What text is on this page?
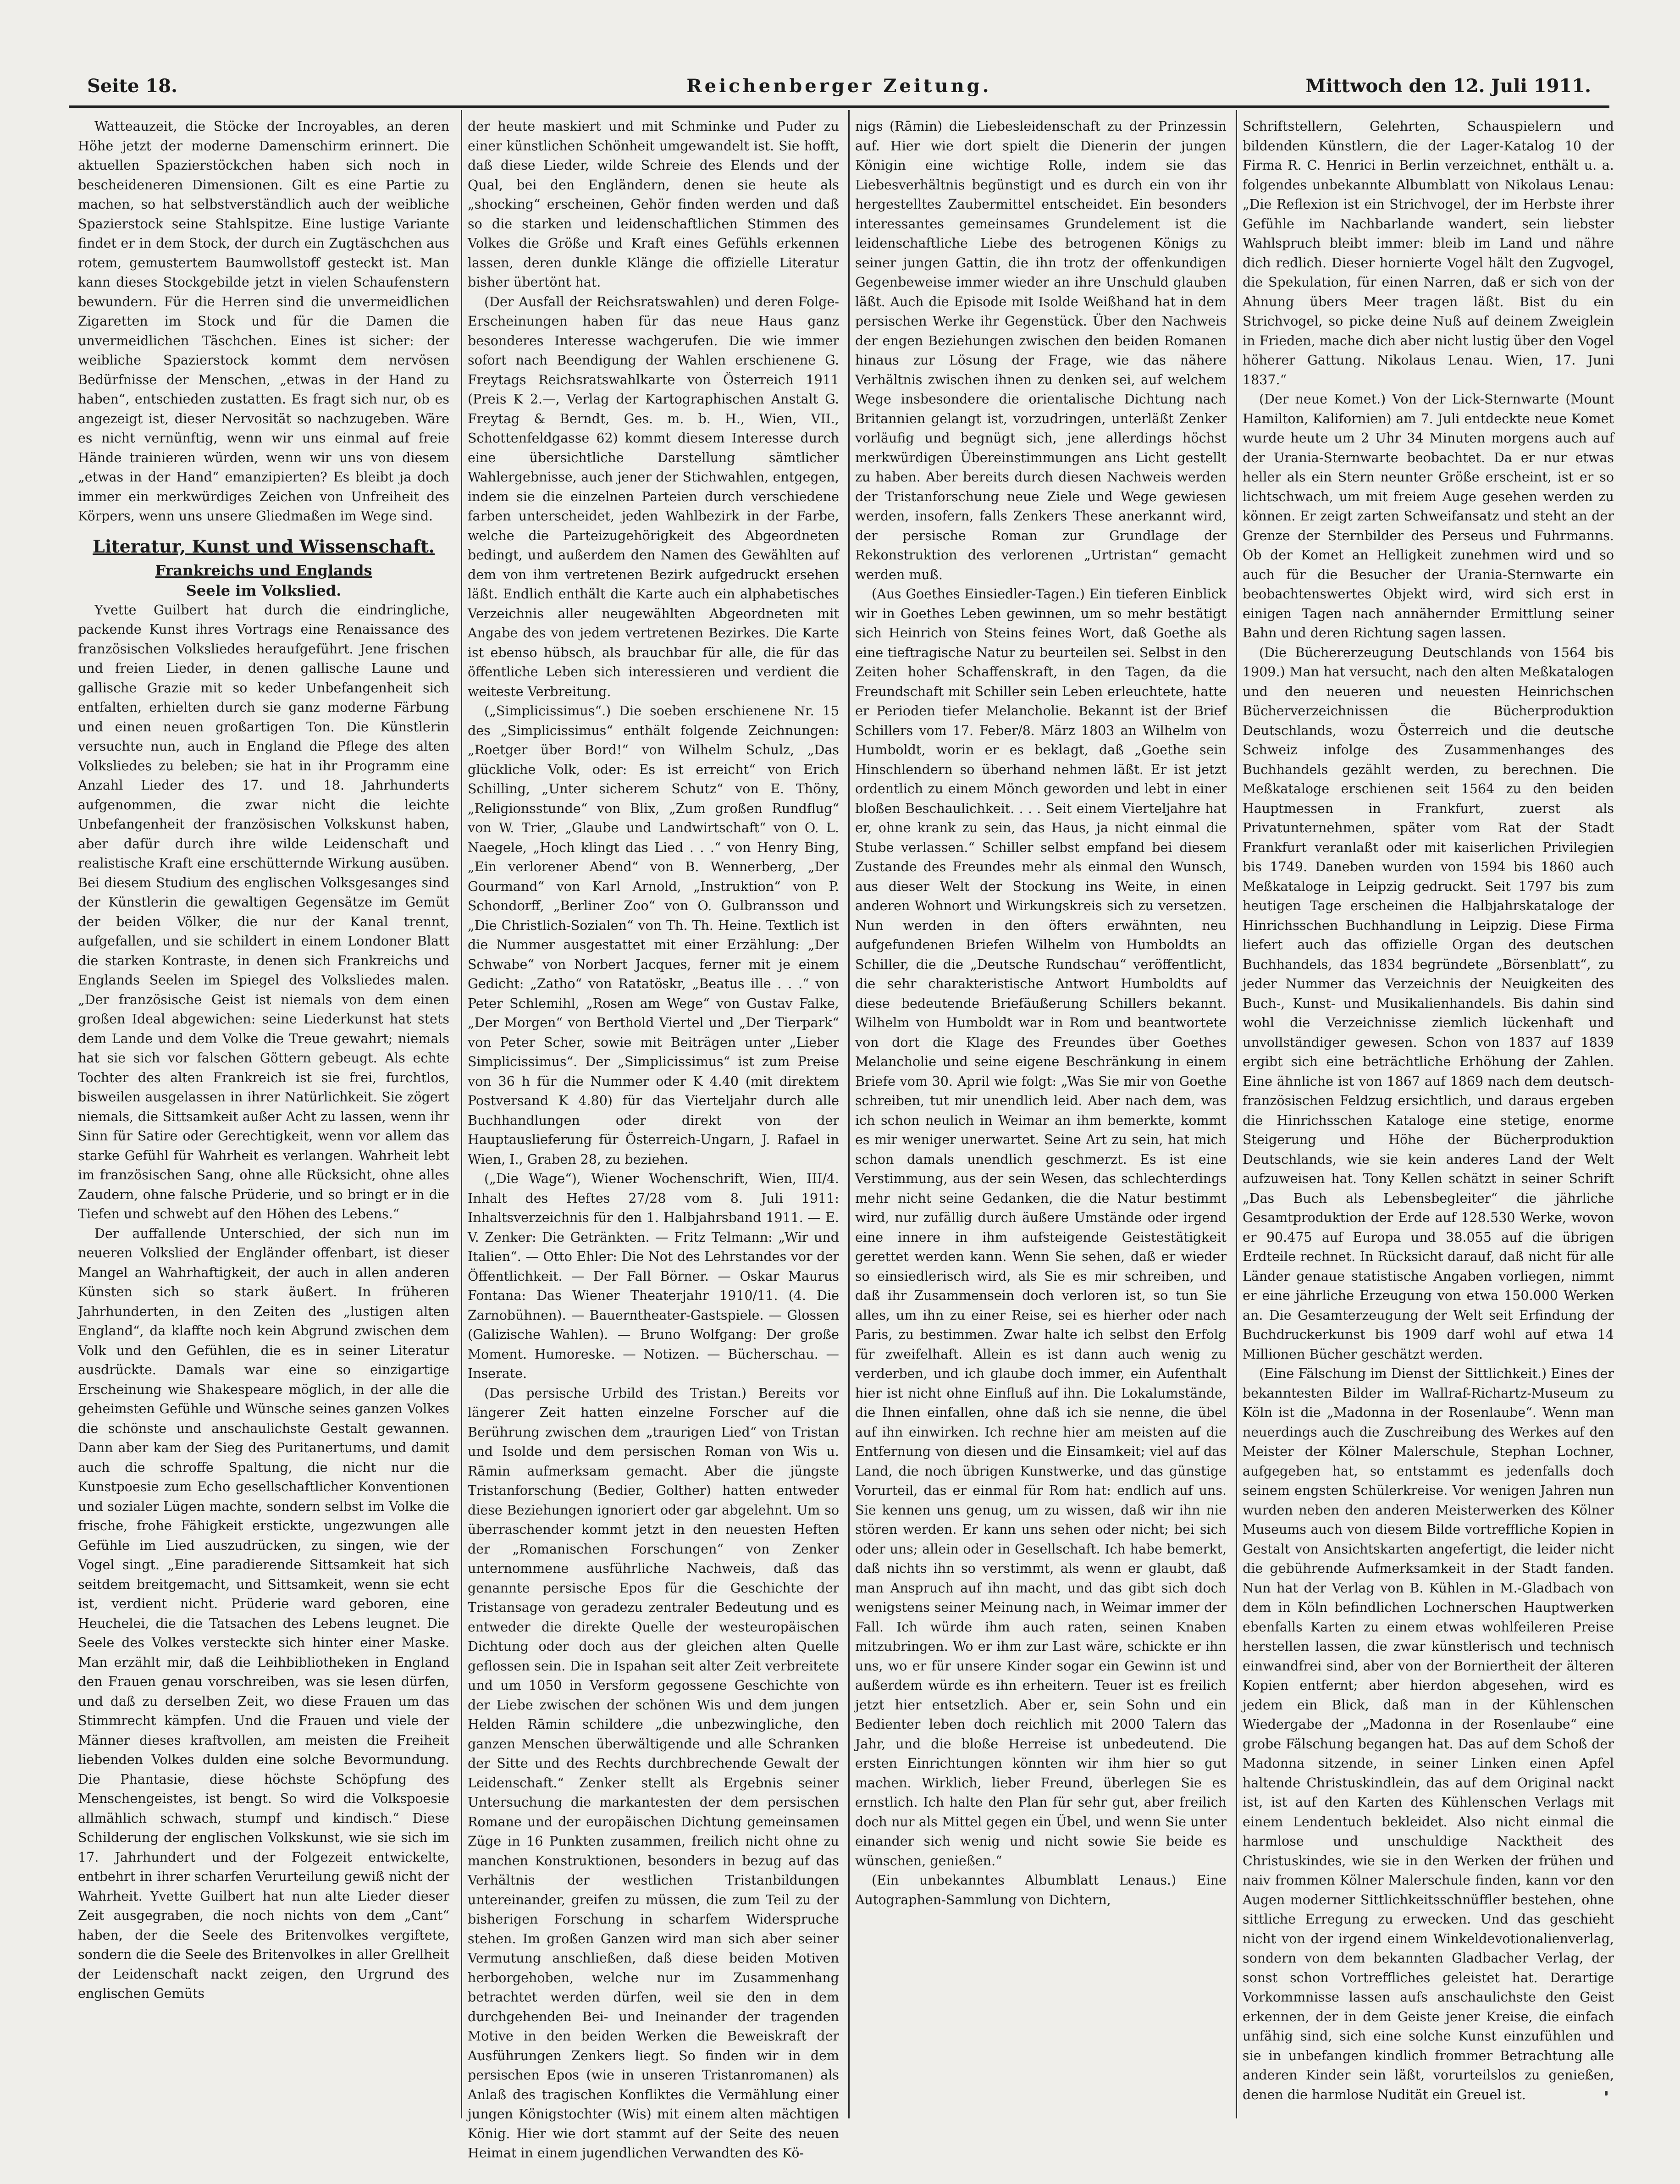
Seite 18.	Reichenberger Zeitung.	Mittwoch den 12. Juli 1911.

Watteauzeit, die Stöcke der Incroyables, an deren Höhe jetzt der moderne Damenschirm erinnert. Die aktuellen Spazierstöckchen haben sich noch in bescheideneren Dimensionen. Gilt es eine Partie zu machen, so hat selbstverständlich auch der weibliche Spazierstock seine Stahlspitze. Eine lustige Variante findet er in dem Stock, der durch ein Zugtäschchen aus rotem, gemustertem Baumwollstoff gesteckt ist. Man kann dieses Stockgebilde jetzt in vielen Schaufenstern bewundern. Für die Herren sind die unvermeidlichen Zigaretten im Stock und für die Damen die unvermeidlichen Täschchen. Eines ist sicher: der weibliche Spazierstock kommt dem nervösen Bedürfnisse der Menschen, „etwas in der Hand zu haben“, entschieden zustatten. Es fragt sich nur, ob es angezeigt ist, dieser Nervosität so nachzugeben. Wäre es nicht vernünftig, wenn wir uns einmal auf freie Hände trainieren würden, wenn wir uns von diesem „etwas in der Hand“ emanzipierten? Es bleibt ja doch immer ein merkwürdiges Zeichen von Unfreiheit des Körpers, wenn uns unsere Gliedmaßen im Wege sind.

Literatur, Kunst und Wissenschaft.
Frankreichs und Englands
Seele im Volkslied.

Yvette Guilbert hat durch die eindringliche, packende Kunst ihres Vortrags eine Renaissance des französischen Volksliedes heraufgeführt. Jene frischen und freien Lieder, in denen gallische Laune und gallische Grazie mit so keder Unbefangenheit sich entfalten, erhielten durch sie ganz moderne Färbung und einen neuen großartigen Ton. Die Künstlerin versuchte nun, auch in England die Pflege des alten Volksliedes zu beleben; sie hat in ihr Programm eine Anzahl Lieder des 17. und 18. Jahrhunderts aufgenommen, die zwar nicht die leichte Unbefangenheit der französischen Volkskunst haben, aber dafür durch ihre wilde Leidenschaft und realistische Kraft eine erschütternde Wirkung ausüben. Bei diesem Studium des englischen Volksgesanges sind der Künstlerin die gewaltigen Gegensätze im Gemüt der beiden Völker, die nur der Kanal trennt, aufgefallen, und sie schildert in einem Londoner Blatt die starken Kontraste, in denen sich Frankreichs und Englands Seelen im Spiegel des Volksliedes malen. „Der französische Geist ist niemals von dem einen großen Ideal abgewichen: seine Liederkunst hat stets dem Lande und dem Volke die Treue gewahrt; niemals hat sie sich vor falschen Göttern gebeugt. Als echte Tochter des alten Frankreich ist sie frei, furchtlos, bisweilen ausgelassen in ihrer Natürlichkeit. Sie zögert niemals, die Sittsamkeit außer Acht zu lassen, wenn ihr Sinn für Satire oder Gerechtigkeit, wenn vor allem das starke Gefühl für Wahrheit es verlangen. Wahrheit lebt im französischen Sang, ohne alle Rücksicht, ohne alles Zaudern, ohne falsche Prüderie, und so bringt er in die Tiefen und schwebt auf den Höhen des Lebens.“

Der auffallende Unterschied, der sich nun im neueren Volkslied der Engländer offenbart, ist dieser Mangel an Wahrhaftigkeit, der auch in allen anderen Künsten sich so stark äußert. In früheren Jahrhunderten, in den Zeiten des „lustigen alten England“, da klaffte noch kein Abgrund zwischen dem Volk und den Gefühlen, die es in seiner Literatur ausdrückte. Damals war eine so einzigartige Erscheinung wie Shakespeare möglich, in der alle die geheimsten Gefühle und Wünsche seines ganzen Volkes die schönste und anschaulichste Gestalt gewannen. Dann aber kam der Sieg des Puritanertums, und damit auch die schroffe Spaltung, die nicht nur die Kunstpoesie zum Echo gesellschaftlicher Konventionen und sozialer Lügen machte, sondern selbst im Volke die frische, frohe Fähigkeit erstickte, ungezwungen alle Gefühle im Lied auszudrücken, zu singen, wie der Vogel singt. „Eine paradierende Sittsamkeit hat sich seitdem breitgemacht, und Sittsamkeit, wenn sie echt ist, verdient nicht. Prüderie ward geboren, eine Heuchelei, die die Tatsachen des Lebens leugnet. Die Seele des Volkes versteckte sich hinter einer Maske. Man erzählt mir, daß die Leihbibliotheken in England den Frauen genau vorschreiben, was sie lesen dürfen, und daß zu derselben Zeit, wo diese Frauen um das Stimmrecht kämpfen. Und die Frauen und viele der Männer dieses kraftvollen, am meisten die Freiheit liebenden Volkes dulden eine solche Bevormundung. Die Phantasie, diese höchste Schöpfung des Menschengeistes, ist bengt. So wird die Volkspoesie allmählich schwach, stumpf und kindisch.“ Diese Schilderung der englischen Volkskunst, wie sie sich im 17. Jahrhundert und der Folgezeit entwickelte, entbehrt in ihrer scharfen Verurteilung gewiß nicht der Wahrheit. Yvette Guilbert hat nun alte Lieder dieser Zeit ausgegraben, die noch nichts von dem „Cant“ haben, der die Seele des Britenvolkes vergiftete, sondern die die Seele des Britenvolkes in aller Grellheit der Leidenschaft nackt zeigen, den Urgrund des englischen Gemüts

der heute maskiert und mit Schminke und Puder zu einer künstlichen Schönheit umgewandelt ist. Sie hofft, daß diese Lieder, wilde Schreie des Elends und der Qual, bei den Engländern, denen sie heute als „shocking“ erscheinen, Gehör finden werden und daß so die starken und leidenschaftlichen Stimmen des Volkes die Größe und Kraft eines Gefühls erkennen lassen, deren dunkle Klänge die offizielle Literatur bisher übertönt hat.

(Der Ausfall der Reichsratswahlen) und deren Folge-Erscheinungen haben für das neue Haus ganz besonderes Interesse wachgerufen. Die wie immer sofort nach Beendigung der Wahlen erschienene G. Freytags Reichsratswahlkarte von Österreich 1911 (Preis K 2.—, Verlag der Kartographischen Anstalt G. Freytag & Berndt, Ges. m. b. H., Wien, VII., Schottenfeldgasse 62) kommt diesem Interesse durch eine übersichtliche Darstellung sämtlicher Wahlergebnisse, auch jener der Stichwahlen, entgegen, indem sie die einzelnen Parteien durch verschiedene farben unterscheidet, jeden Wahlbezirk in der Farbe, welche die Parteizugehörigkeit des Abgeordneten bedingt, und außerdem den Namen des Gewählten auf dem von ihm vertretenen Bezirk aufgedruckt ersehen läßt. Endlich enthält die Karte auch ein alphabetisches Verzeichnis aller neugewählten Abgeordneten mit Angabe des von jedem vertretenen Bezirkes. Die Karte ist ebenso hübsch, als brauchbar für alle, die für das öffentliche Leben sich interessieren und verdient die weiteste Verbreitung.

(„Simplicissimus“.) Die soeben erschienene Nr. 15 des „Simplicissimus“ enthält folgende Zeichnungen: „Roetger über Bord!“ von Wilhelm Schulz, „Das glückliche Volk, oder: Es ist erreicht“ von Erich Schilling, „Unter sicherem Schutz“ von E. Thöny, „Religionsstunde“ von Blix, „Zum großen Rundflug“ von W. Trier, „Glaube und Landwirtschaft“ von O. L. Naegele, „Hoch klingt das Lied . . .“ von Henry Bing, „Ein verlorener Abend“ von B. Wennerberg, „Der Gourmand“ von Karl Arnold, „Instruktion“ von P. Schondorff, „Berliner Zoo“ von O. Gulbransson und „Die Christlich-Sozialen“ von Th. Th. Heine. Textlich ist die Nummer ausgestattet mit einer Erzählung: „Der Schwabe“ von Norbert Jacques, ferner mit je einem Gedicht: „Zatho“ von Ratatöskr, „Beatus ille . . .“ von Peter Schlemihl, „Rosen am Wege“ von Gustav Falke, „Der Morgen“ von Berthold Viertel und „Der Tierpark“ von Peter Scher, sowie mit Beiträgen unter „Lieber Simplicissimus“. Der „Simplicissimus“ ist zum Preise von 36 h für die Nummer oder K 4.40 (mit direktem Postversand K 4.80) für das Vierteljahr durch alle Buchhandlungen oder direkt von der Hauptauslieferung für Österreich-Ungarn, J. Rafael in Wien, I., Graben 28, zu beziehen.

(„Die Wage“), Wiener Wochenschrift, Wien, III/4. Inhalt des Heftes 27/28 vom 8. Juli 1911: Inhaltsverzeichnis für den 1. Halbjahrsband 1911. — E. V. Zenker: Die Getränkten. — Fritz Telmann: „Wir und Italien“. — Otto Ehler: Die Not des Lehrstandes vor der Öffentlichkeit. — Der Fall Börner. — Oskar Maurus Fontana: Das Wiener Theaterjahr 1910/11. (4. Die Zarnobühnen). — Bauerntheater-Gastspiele. — Glossen (Galizische Wahlen). — Bruno Wolfgang: Der große Moment. Humoreske. — Notizen. — Bücherschau. — Inserate.

(Das persische Urbild des Tristan.) Bereits vor längerer Zeit hatten einzelne Forscher auf die Berührung zwischen dem „traurigen Lied“ von Tristan und Isolde und dem persischen Roman von Wis u. Rāmin aufmerksam gemacht. Aber die jüngste Tristanforschung (Bedier, Golther) hatten entweder diese Beziehungen ignoriert oder gar abgelehnt. Um so überraschender kommt jetzt in den neuesten Heften der „Romanischen Forschungen“ von Zenker unternommene ausführliche Nachweis, daß das genannte persische Epos für die Geschichte der Tristansage von geradezu zentraler Bedeutung und es entweder die direkte Quelle der westeuropäischen Dichtung oder doch aus der gleichen alten Quelle geflossen sein. Die in Ispahan seit alter Zeit verbreitete und um 1050 in Versform gegossene Geschichte von der Liebe zwischen der schönen Wis und dem jungen Helden Rāmin schildere „die unbezwingliche, den ganzen Menschen überwältigende und alle Schranken der Sitte und des Rechts durchbrechende Gewalt der Leidenschaft.“ Zenker stellt als Ergebnis seiner Untersuchung die markantesten der dem persischen Romane und der europäischen Dichtung gemeinsamen Züge in 16 Punkten zusammen, freilich nicht ohne zu manchen Konstruktionen, besonders in bezug auf das Verhältnis der westlichen Tristanbildungen untereinander, greifen zu müssen, die zum Teil zu der bisherigen Forschung in scharfem Widerspruche stehen. Im großen Ganzen wird man sich aber seiner Vermutung anschließen, daß diese beiden Motiven herborgehoben, welche nur im Zusammenhang betrachtet werden dürfen, weil sie den in dem durchgehenden Bei- und Ineinander der tragenden Motive in den beiden Werken die Beweiskraft der Ausführungen Zenkers liegt. So finden wir in dem persischen Epos (wie in unseren Tristanromanen) als Anlaß des tragischen Konfliktes die Vermählung einer jungen Königstochter (Wis) mit einem alten mächtigen König. Hier wie dort stammt auf der Seite des neuen Heimat in einem jugendlichen Verwandten des Kö-

nigs (Rāmin) die Liebesleidenschaft zu der Prinzessin auf. Hier wie dort spielt die Dienerin der jungen Königin eine wichtige Rolle, indem sie das Liebesverhältnis begünstigt und es durch ein von ihr hergestelltes Zaubermittel entscheidet. Ein besonders interessantes gemeinsames Grundelement ist die leidenschaftliche Liebe des betrogenen Königs zu seiner jungen Gattin, die ihn trotz der offenkundigen Gegenbeweise immer wieder an ihre Unschuld glauben läßt. Auch die Episode mit Isolde Weißhand hat in dem persischen Werke ihr Gegenstück. Über den Nachweis der engen Beziehungen zwischen den beiden Romanen hinaus zur Lösung der Frage, wie das nähere Verhältnis zwischen ihnen zu denken sei, auf welchem Wege insbesondere die orientalische Dichtung nach Britannien gelangt ist, vorzudringen, unterläßt Zenker vorläufig und begnügt sich, jene allerdings höchst merkwürdigen Übereinstimmungen ans Licht gestellt zu haben. Aber bereits durch diesen Nachweis werden der Tristanforschung neue Ziele und Wege gewiesen werden, insofern, falls Zenkers These anerkannt wird, der persische Roman zur Grundlage der Rekonstruktion des verlorenen „Urtristan“ gemacht werden muß.

(Aus Goethes Einsiedler-Tagen.) Ein tieferen Einblick wir in Goethes Leben gewinnen, um so mehr bestätigt sich Heinrich von Steins feines Wort, daß Goethe als eine tieftragische Natur zu beurteilen sei. Selbst in den Zeiten hoher Schaffenskraft, in den Tagen, da die Freundschaft mit Schiller sein Leben erleuchtete, hatte er Perioden tiefer Melancholie. Bekannt ist der Brief Schillers vom 17. Feber/8. März 1803 an Wilhelm von Humboldt, worin er es beklagt, daß „Goethe sein Hinschlendern so überhand nehmen läßt. Er ist jetzt ordentlich zu einem Mönch geworden und lebt in einer bloßen Beschaulichkeit. . . . Seit einem Vierteljahre hat er, ohne krank zu sein, das Haus, ja nicht einmal die Stube verlassen.“ Schiller selbst empfand bei diesem Zustande des Freundes mehr als einmal den Wunsch, aus dieser Welt der Stockung ins Weite, in einen anderen Wohnort und Wirkungskreis sich zu versetzen. Nun werden in den öfters erwähnten, neu aufgefundenen Briefen Wilhelm von Humboldts an Schiller, die die „Deutsche Rundschau“ veröffentlicht, die sehr charakteristische Antwort Humboldts auf diese bedeutende Briefäußerung Schillers bekannt. Wilhelm von Humboldt war in Rom und beantwortete von dort die Klage des Freundes über Goethes Melancholie und seine eigene Beschränkung in einem Briefe vom 30. April wie folgt: „Was Sie mir von Goethe schreiben, tut mir unendlich leid. Aber nach dem, was ich schon neulich in Weimar an ihm bemerkte, kommt es mir weniger unerwartet. Seine Art zu sein, hat mich schon damals unendlich geschmerzt. Es ist eine Verstimmung, aus der sein Wesen, das schlechterdings mehr nicht seine Gedanken, die die Natur bestimmt wird, nur zufällig durch äußere Umstände oder irgend eine innere in ihm aufsteigende Geistestätigkeit gerettet werden kann. Wenn Sie sehen, daß er wieder so einsiedlerisch wird, als Sie es mir schreiben, und daß ihr Zusammensein doch verloren ist, so tun Sie alles, um ihn zu einer Reise, sei es hierher oder nach Paris, zu bestimmen. Zwar halte ich selbst den Erfolg für zweifelhaft. Allein es ist dann auch wenig zu verderben, und ich glaube doch immer, ein Aufenthalt hier ist nicht ohne Einfluß auf ihn. Die Lokalumstände, die Ihnen einfallen, ohne daß ich sie nenne, die übel auf ihn einwirken. Ich rechne hier am meisten auf die Entfernung von diesen und die Einsamkeit; viel auf das Land, die noch übrigen Kunstwerke, und das günstige Vorurteil, das er einmal für Rom hat: endlich auf uns. Sie kennen uns genug, um zu wissen, daß wir ihn nie stören werden. Er kann uns sehen oder nicht; bei sich oder uns; allein oder in Gesellschaft. Ich habe bemerkt, daß nichts ihn so verstimmt, als wenn er glaubt, daß man Anspruch auf ihn macht, und das gibt sich doch wenigstens seiner Meinung nach, in Weimar immer der Fall. Ich würde ihm auch raten, seinen Knaben mitzubringen. Wo er ihm zur Last wäre, schickte er ihn uns, wo er für unsere Kinder sogar ein Gewinn ist und außerdem würde es ihn erheitern. Teuer ist es freilich jetzt hier entsetzlich. Aber er, sein Sohn und ein Bedienter leben doch reichlich mit 2000 Talern das Jahr, und die bloße Herreise ist unbedeutend. Die ersten Einrichtungen könnten wir ihm hier so gut machen. Wirklich, lieber Freund, überlegen Sie es ernstlich. Ich halte den Plan für sehr gut, aber freilich doch nur als Mittel gegen ein Übel, und wenn Sie unter einander sich wenig und nicht sowie Sie beide es wünschen, genießen.“

(Ein unbekanntes Albumblatt Lenaus.) Eine Autographen-Sammlung von Dichtern,

Schriftstellern, Gelehrten, Schauspielern und bildenden Künstlern, die der Lager-Katalog 10 der Firma R. C. Henrici in Berlin verzeichnet, enthält u. a. folgendes unbekannte Albumblatt von Nikolaus Lenau: „Die Reflexion ist ein Strichvogel, der im Herbste ihrer Gefühle im Nachbarlande wandert, sein liebster Wahlspruch bleibt immer: bleib im Land und nähre dich redlich. Dieser hornierte Vogel hält den Zugvogel, die Spekulation, für einen Narren, daß er sich von der Ahnung übers Meer tragen läßt. Bist du ein Strichvogel, so picke deine Nuß auf deinem Zweiglein in Frieden, mache dich aber nicht lustig über den Vogel höherer Gattung. Nikolaus Lenau. Wien, 17. Juni 1837.“

(Der neue Komet.) Von der Lick-Sternwarte (Mount Hamilton, Kalifornien) am 7. Juli entdeckte neue Komet wurde heute um 2 Uhr 34 Minuten morgens auch auf der Urania-Sternwarte beobachtet. Da er nur etwas heller als ein Stern neunter Größe erscheint, ist er so lichtschwach, um mit freiem Auge gesehen werden zu können. Er zeigt zarten Schweifansatz und steht an der Grenze der Sternbilder des Perseus und Fuhrmanns. Ob der Komet an Helligkeit zunehmen wird und so auch für die Besucher der Urania-Sternwarte ein beobachtenswertes Objekt wird, wird sich erst in einigen Tagen nach annähernder Ermittlung seiner Bahn und deren Richtung sagen lassen.

(Die Büchererzeugung Deutschlands von 1564 bis 1909.) Man hat versucht, nach den alten Meßkatalogen und den neueren und neuesten Heinrichschen Bücherverzeichnissen die Bücherproduktion Deutschlands, wozu Österreich und die deutsche Schweiz infolge des Zusammenhanges des Buchhandels gezählt werden, zu berechnen. Die Meßkataloge erschienen seit 1564 zu den beiden Hauptmessen in Frankfurt, zuerst als Privatunternehmen, später vom Rat der Stadt Frankfurt veranlaßt oder mit kaiserlichen Privilegien bis 1749. Daneben wurden von 1594 bis 1860 auch Meßkataloge in Leipzig gedruckt. Seit 1797 bis zum heutigen Tage erscheinen die Halbjahrskataloge der Hinrichsschen Buchhandlung in Leipzig. Diese Firma liefert auch das offizielle Organ des deutschen Buchhandels, das 1834 begründete „Börsenblatt“, zu jeder Nummer das Verzeichnis der Neuigkeiten des Buch-, Kunst- und Musikalienhandels. Bis dahin sind wohl die Verzeichnisse ziemlich lückenhaft und unvollständiger gewesen. Schon von 1837 auf 1839 ergibt sich eine beträchtliche Erhöhung der Zahlen. Eine ähnliche ist von 1867 auf 1869 nach dem deutsch-französischen Feldzug ersichtlich, und daraus ergeben die Hinrichsschen Kataloge eine stetige, enorme Steigerung und Höhe der Bücherproduktion Deutschlands, wie sie kein anderes Land der Welt aufzuweisen hat. Tony Kellen schätzt in seiner Schrift „Das Buch als Lebensbegleiter“ die jährliche Gesamtproduktion der Erde auf 128.530 Werke, wovon er 90.475 auf Europa und 38.055 auf die übrigen Erdteile rechnet. In Rücksicht darauf, daß nicht für alle Länder genaue statistische Angaben vorliegen, nimmt er eine jährliche Erzeugung von etwa 150.000 Werken an. Die Gesamterzeugung der Welt seit Erfindung der Buchdruckerkunst bis 1909 darf wohl auf etwa 14 Millionen Bücher geschätzt werden.

(Eine Fälschung im Dienst der Sittlichkeit.) Eines der bekanntesten Bilder im Wallraf-Richartz-Museum zu Köln ist die „Madonna in der Rosenlaube“. Wenn man neuerdings auch die Zuschreibung des Werkes auf den Meister der Kölner Malerschule, Stephan Lochner, aufgegeben hat, so entstammt es jedenfalls doch seinem engsten Schülerkreise. Vor wenigen Jahren nun wurden neben den anderen Meisterwerken des Kölner Museums auch von diesem Bilde vortreffliche Kopien in Gestalt von Ansichtskarten angefertigt, die leider nicht die gebührende Aufmerksamkeit in der Stadt fanden. Nun hat der Verlag von B. Kühlen in M.-Gladbach von dem in Köln befindlichen Lochnerschen Hauptwerken ebenfalls Karten zu einem etwas wohlfeileren Preise herstellen lassen, die zwar künstlerisch und technisch einwandfrei sind, aber von der Borniertheit der älteren Kopien entfernt; aber hierdon abgesehen, wird es jedem ein Blick, daß man in der Kühlenschen Wiedergabe der „Madonna in der Rosenlaube“ eine grobe Fälschung begangen hat. Das auf dem Schoß der Madonna sitzende, in seiner Linken einen Apfel haltende Christuskindlein, das auf dem Original nackt ist, ist auf den Karten des Kühlenschen Verlags mit einem Lendentuch bekleidet. Also nicht einmal die harmlose und unschuldige Nacktheit des Christuskindes, wie sie in den Werken der frühen und naiv frommen Kölner Malerschule finden, kann vor den Augen moderner Sittlichkeitsschnüffler bestehen, ohne sittliche Erregung zu erwecken. Und das geschieht nicht von der irgend einem Winkeldevotionalienverlag, sondern von dem bekannten Gladbacher Verlag, der sonst schon Vortreffliches geleistet hat. Derartige Vorkommnisse lassen aufs anschaulichste den Geist erkennen, der in dem Geiste jener Kreise, die einfach unfähig sind, sich eine solche Kunst einzufühlen und sie in unbefangen kindlich frommer Betrachtung alle anderen Kinder sein läßt, vorurteilslos zu genießen, denen die harmlose Nudität ein Greuel ist.
